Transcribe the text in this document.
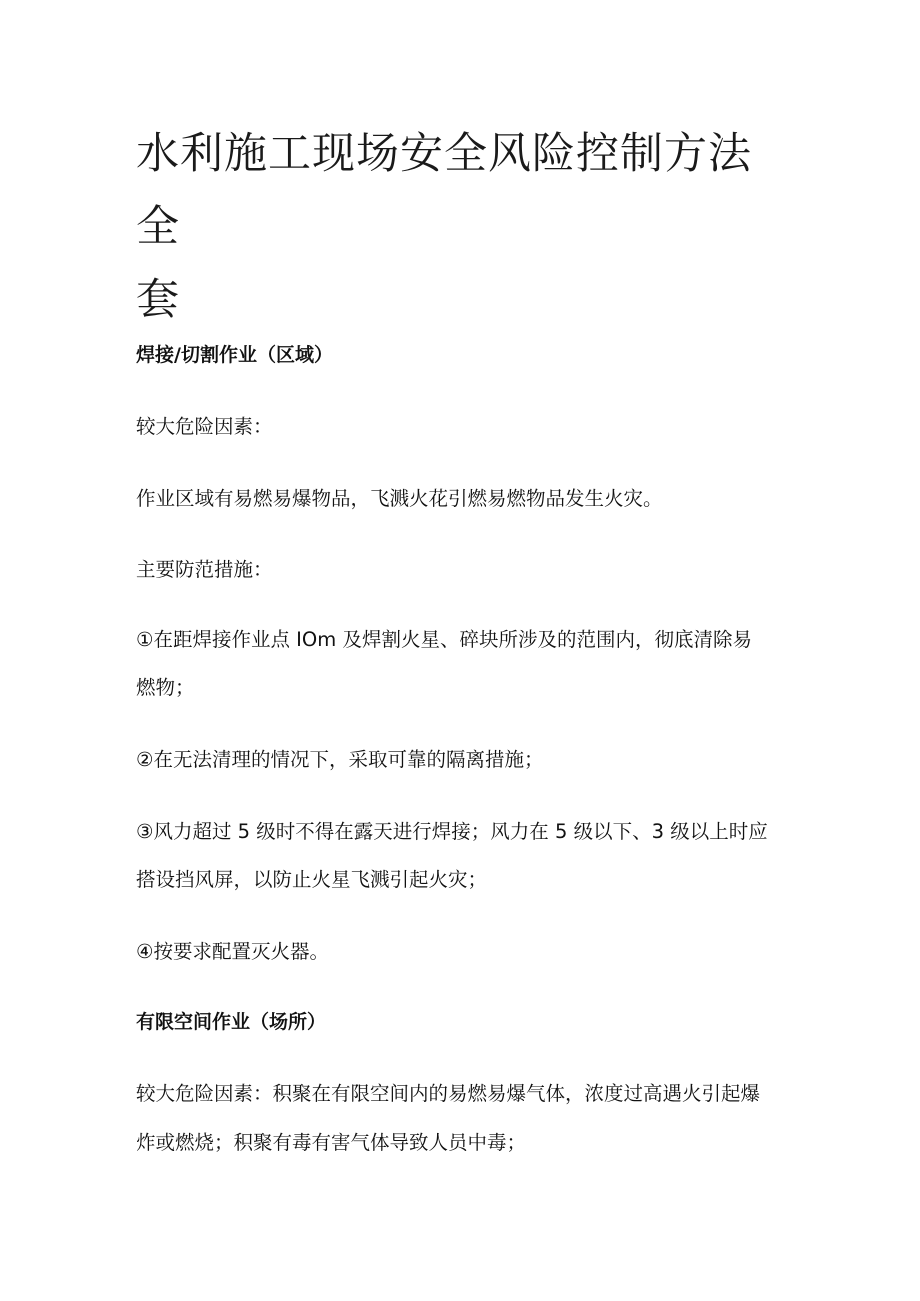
水利施工现场安全风险控制方法全
套
焊接/切割作业（区域）
较大危险因素：
作业区域有易燃易爆物品，飞溅火花引燃易燃物品发生火灾。
主要防范措施：
①在距焊接作业点 IOm 及焊割火星、碎块所涉及的范围内，彻底清除易
燃物；
②在无法清理的情况下，采取可靠的隔离措施；
③风力超过 5 级时不得在露天进行焊接；风力在 5 级以下、3 级以上时应
搭设挡风屏，以防止火星飞溅引起火灾；
④按要求配置灭火器。
有限空间作业（场所）
较大危险因素：积聚在有限空间内的易燃易爆气体，浓度过高遇火引起爆
炸或燃烧；积聚有毒有害气体导致人员中毒；
